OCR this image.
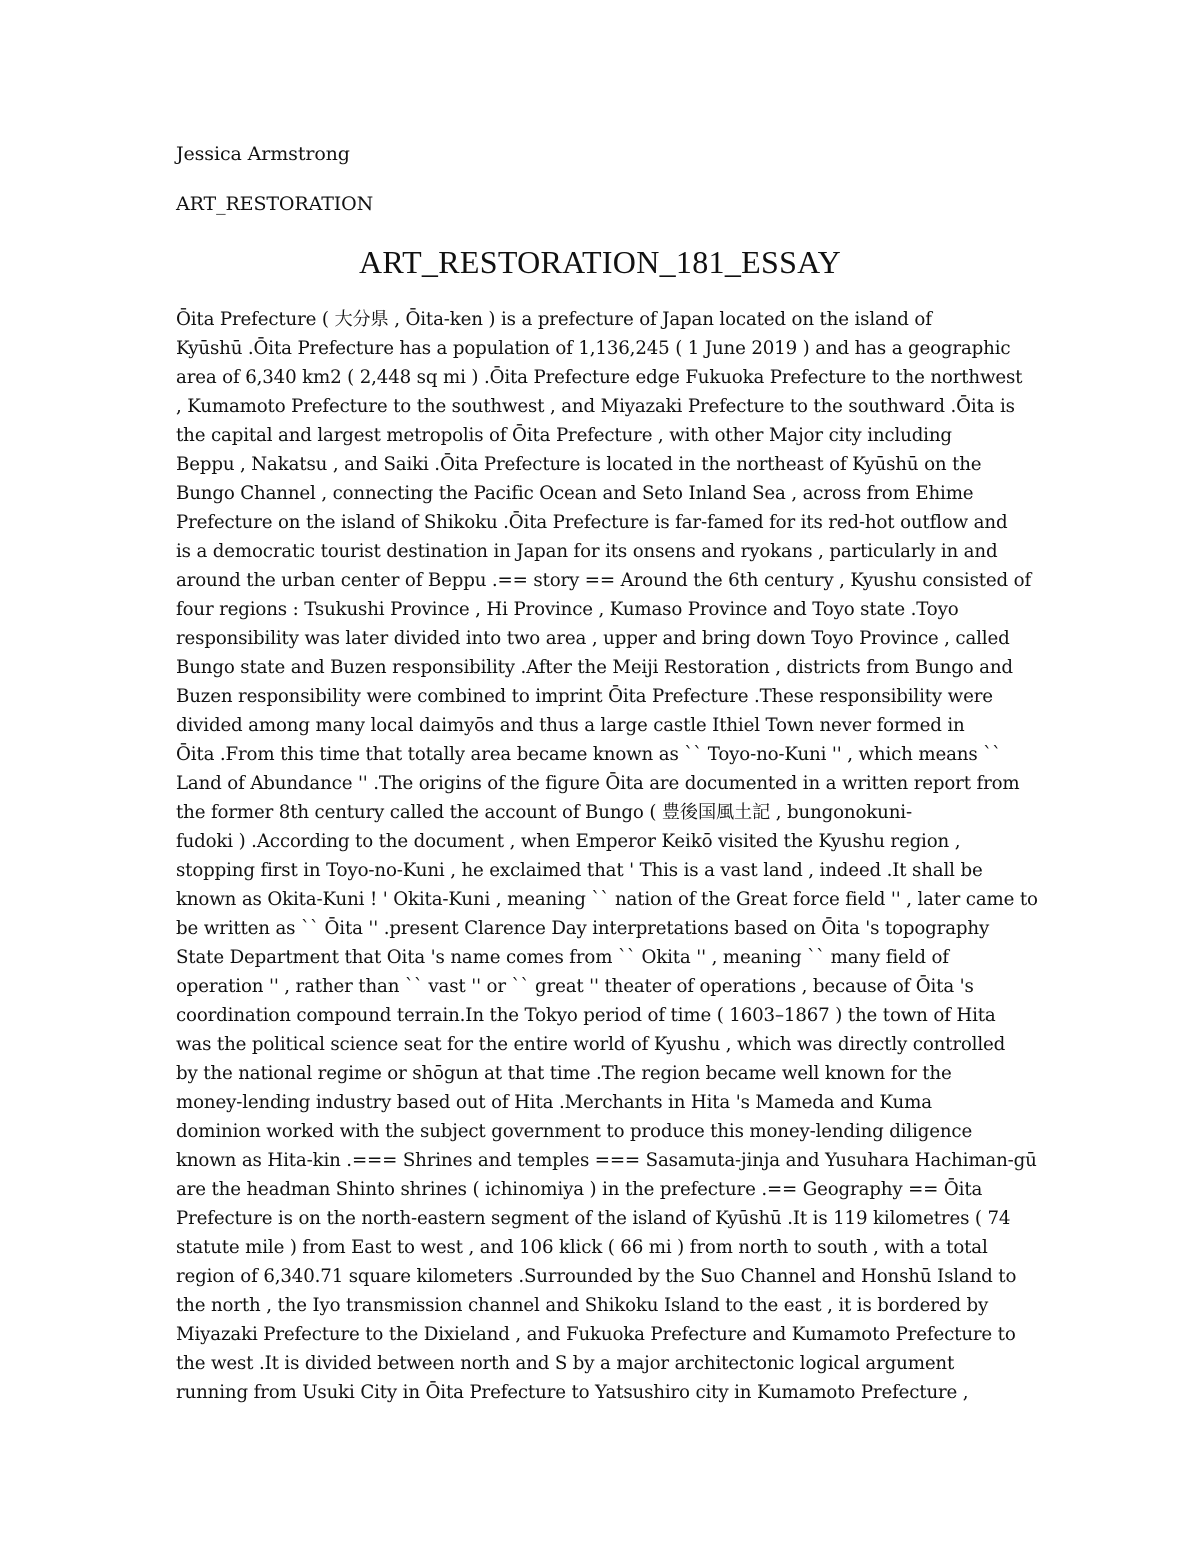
Jessica Armstrong
ART_RESTORATION
ART_RESTORATION_181_ESSAY
Ōita Prefecture ( 大分県 , Ōita-ken ) is a prefecture of Japan located on the island of
Kyūshū .Ōita Prefecture has a population of 1,136,245 ( 1 June 2019 ) and has a geographic
area of 6,340 km2 ( 2,448 sq mi ) .Ōita Prefecture edge Fukuoka Prefecture to the northwest
, Kumamoto Prefecture to the southwest , and Miyazaki Prefecture to the southward .Ōita is
the capital and largest metropolis of Ōita Prefecture , with other Major city including
Beppu , Nakatsu , and Saiki .Ōita Prefecture is located in the northeast of Kyūshū on the
Bungo Channel , connecting the Pacific Ocean and Seto Inland Sea , across from Ehime
Prefecture on the island of Shikoku .Ōita Prefecture is far-famed for its red-hot outflow and
is a democratic tourist destination in Japan for its onsens and ryokans , particularly in and
around the urban center of Beppu .== story == Around the 6th century , Kyushu consisted of
four regions : Tsukushi Province , Hi Province , Kumaso Province and Toyo state .Toyo
responsibility was later divided into two area , upper and bring down Toyo Province , called
Bungo state and Buzen responsibility .After the Meiji Restoration , districts from Bungo and
Buzen responsibility were combined to imprint Ōita Prefecture .These responsibility were
divided among many local daimyōs and thus a large castle Ithiel Town never formed in
Ōita .From this time that totally area became known as `` Toyo-no-Kuni '' , which means ``
Land of Abundance '' .The origins of the figure Ōita are documented in a written report from
the former 8th century called the account of Bungo ( 豊後国風土記 , bungonokuni-
fudoki ) .According to the document , when Emperor Keikō visited the Kyushu region ,
stopping first in Toyo-no-Kuni , he exclaimed that ' This is a vast land , indeed .It shall be
known as Okita-Kuni ! ' Okita-Kuni , meaning `` nation of the Great force field '' , later came to
be written as `` Ōita '' .present Clarence Day interpretations based on Ōita 's topography
State Department that Oita 's name comes from `` Okita '' , meaning `` many field of
operation '' , rather than `` vast '' or `` great '' theater of operations , because of Ōita 's
coordination compound terrain.In the Tokyo period of time ( 1603–1867 ) the town of Hita
was the political science seat for the entire world of Kyushu , which was directly controlled
by the national regime or shōgun at that time .The region became well known for the
money-lending industry based out of Hita .Merchants in Hita 's Mameda and Kuma
dominion worked with the subject government to produce this money-lending diligence
known as Hita-kin .=== Shrines and temples === Sasamuta-jinja and Yusuhara Hachiman-gū
are the headman Shinto shrines ( ichinomiya ) in the prefecture .== Geography == Ōita
Prefecture is on the north-eastern segment of the island of Kyūshū .It is 119 kilometres ( 74
statute mile ) from East to west , and 106 klick ( 66 mi ) from north to south , with a total
region of 6,340.71 square kilometers .Surrounded by the Suo Channel and Honshū Island to
the north , the Iyo transmission channel and Shikoku Island to the east , it is bordered by
Miyazaki Prefecture to the Dixieland , and Fukuoka Prefecture and Kumamoto Prefecture to
the west .It is divided between north and S by a major architectonic logical argument
running from Usuki City in Ōita Prefecture to Yatsushiro city in Kumamoto Prefecture ,
